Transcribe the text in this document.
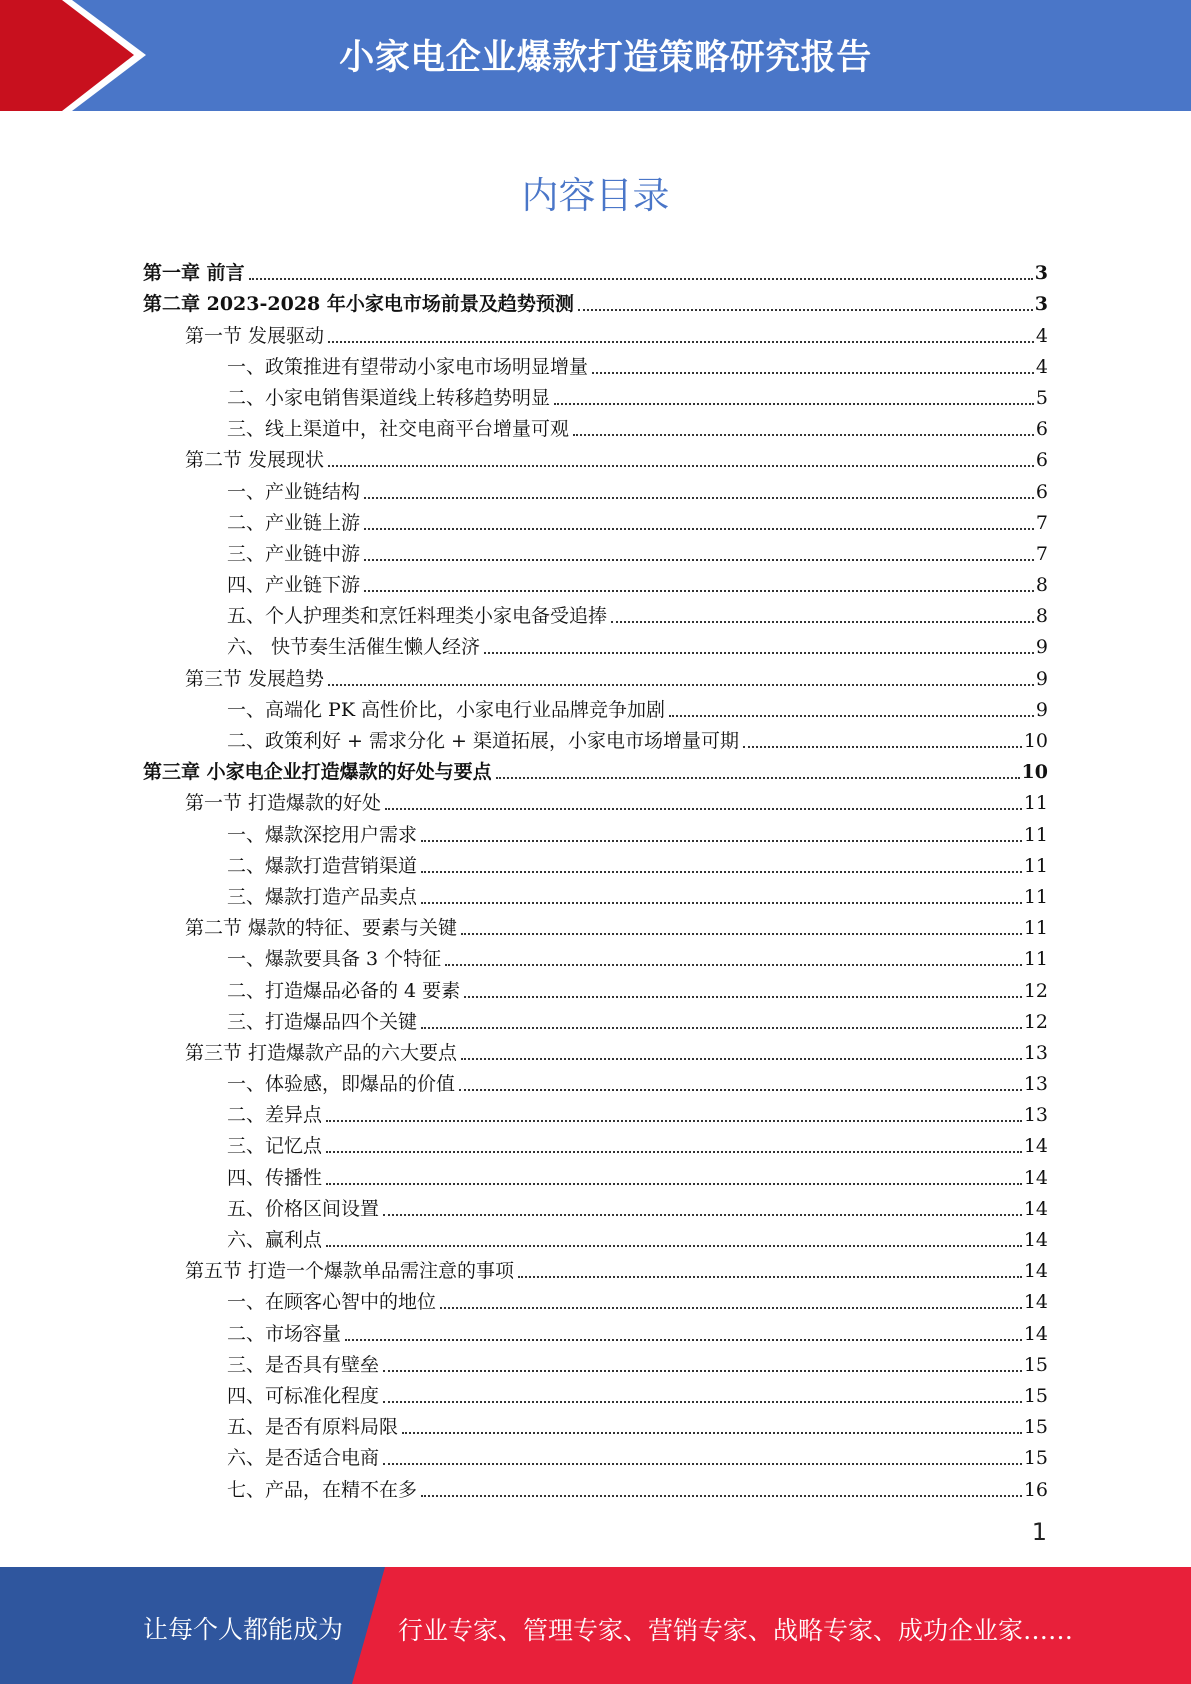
小家电企业爆款打造策略研究报告
内容目录
第一章 前言	3
第二章 2023-2028 年小家电市场前景及趋势预测	3
第一节 发展驱动	4
一、政策推进有望带动小家电市场明显增量	4
二、小家电销售渠道线上转移趋势明显	5
三、线上渠道中，社交电商平台增量可观	6
第二节 发展现状	6
一、产业链结构	6
二、产业链上游	7
三、产业链中游	7
四、产业链下游	8
五、个人护理类和烹饪料理类小家电备受追捧	8
六、 快节奏生活催生懒人经济	9
第三节 发展趋势	9
一、高端化 PK 高性价比，小家电行业品牌竞争加剧	9
二、政策利好 + 需求分化 + 渠道拓展，小家电市场增量可期	10
第三章 小家电企业打造爆款的好处与要点	10
第一节 打造爆款的好处	11
一、爆款深挖用户需求	11
二、爆款打造营销渠道	11
三、爆款打造产品卖点	11
第二节 爆款的特征、要素与关键	11
一、爆款要具备 3 个特征	11
二、打造爆品必备的 4 要素	12
三、打造爆品四个关键	12
第三节 打造爆款产品的六大要点	13
一、体验感，即爆品的价值	13
二、差异点	13
三、记忆点	14
四、传播性	14
五、价格区间设置	14
六、赢利点	14
第五节 打造一个爆款单品需注意的事项	14
一、在顾客心智中的地位	14
二、市场容量	14
三、是否具有壁垒	15
四、可标准化程度	15
五、是否有原料局限	15
六、是否适合电商	15
七、产品，在精不在多	16
1
让每个人都能成为 行业专家、管理专家、营销专家、战略专家、成功企业家……
